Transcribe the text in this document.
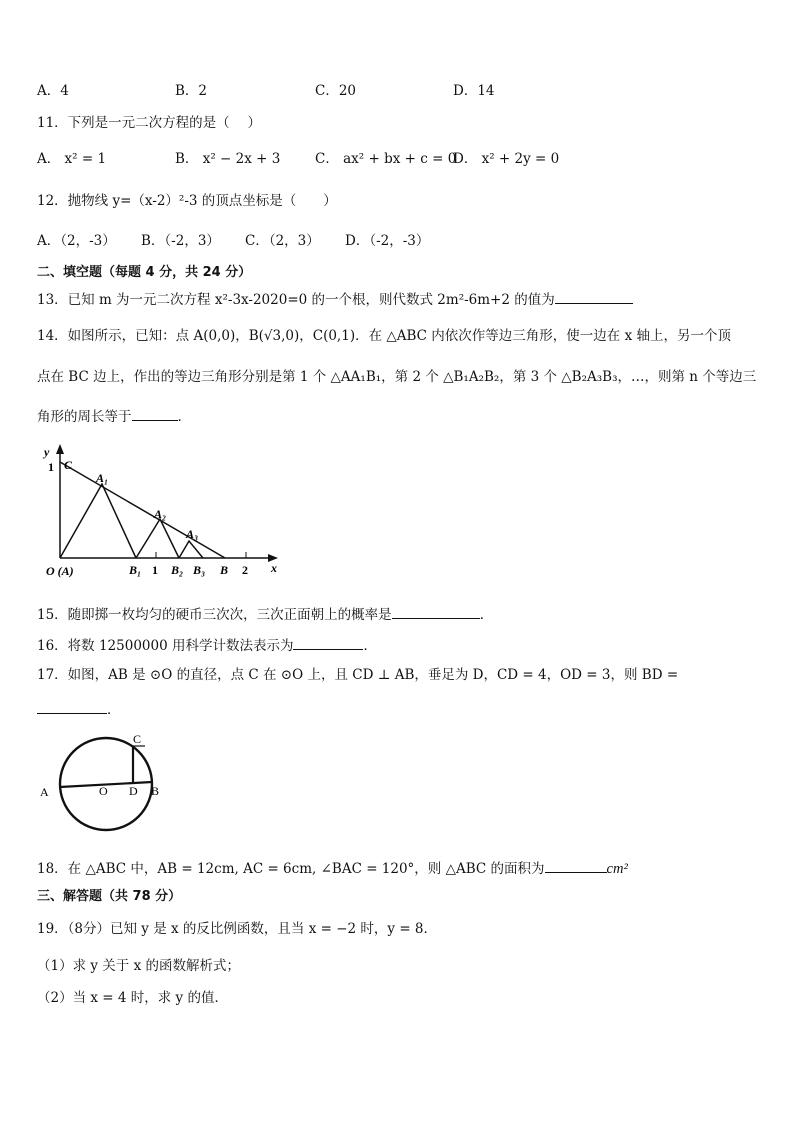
A．4	B．2	C．20	D．14
11．下列是一元二次方程的是（　 ）
A． x² = 1	B． x² − 2x + 3	C． ax² + bx + c = 0
D． x² + 2y = 0
12．抛物线 y=（x-2）²-3 的顶点坐标是（　　）
A．（2，-3）	B．（-2，3）	C．（2，3）	D．（-2，-3）
二、填空题（每题 4 分，共 24 分）
13．已知 m 为一元二次方程 x²-3x-2020=0 的一个根，则代数式 2m²-6m+2 的值为
14．如图所示，已知：点 A(0,0)，B(√3,0)，C(0,1)．在 △ABC 内依次作等边三角形，使一边在 x 轴上，另一个顶
点在 BC 边上，作出的等边三角形分别是第 1 个 △AA₁B₁，第 2 个 △B₁A₂B₂，第 3 个 △B₂A₃B₃，…，则第 n 个等边三
角形的周长等于	．
y
1 C
A₁
A₂
A₃
O (A)	B₁ 1 B₂ B₃ B 2 x
15．随即掷一枚均匀的硬币三次次，三次正面朝上的概率是	．
16．将数 12500000 用科学计数法表示为	．
17．如图，AB 是 ⊙O 的直径，点 C 在 ⊙O 上，且 CD ⊥ AB，垂足为 D，CD = 4，OD = 3，则 BD =
．
A	O D B
C
18．在 △ABC 中，AB = 12cm, AC = 6cm, ∠BAC = 120°，则 △ABC 的面积为	cm²
三、解答题（共 78 分）
19．（8分）已知 y 是 x 的反比例函数，且当 x = −2 时，y = 8．
（1）求 y 关于 x 的函数解析式；
（2）当 x = 4 时，求 y 的值．
